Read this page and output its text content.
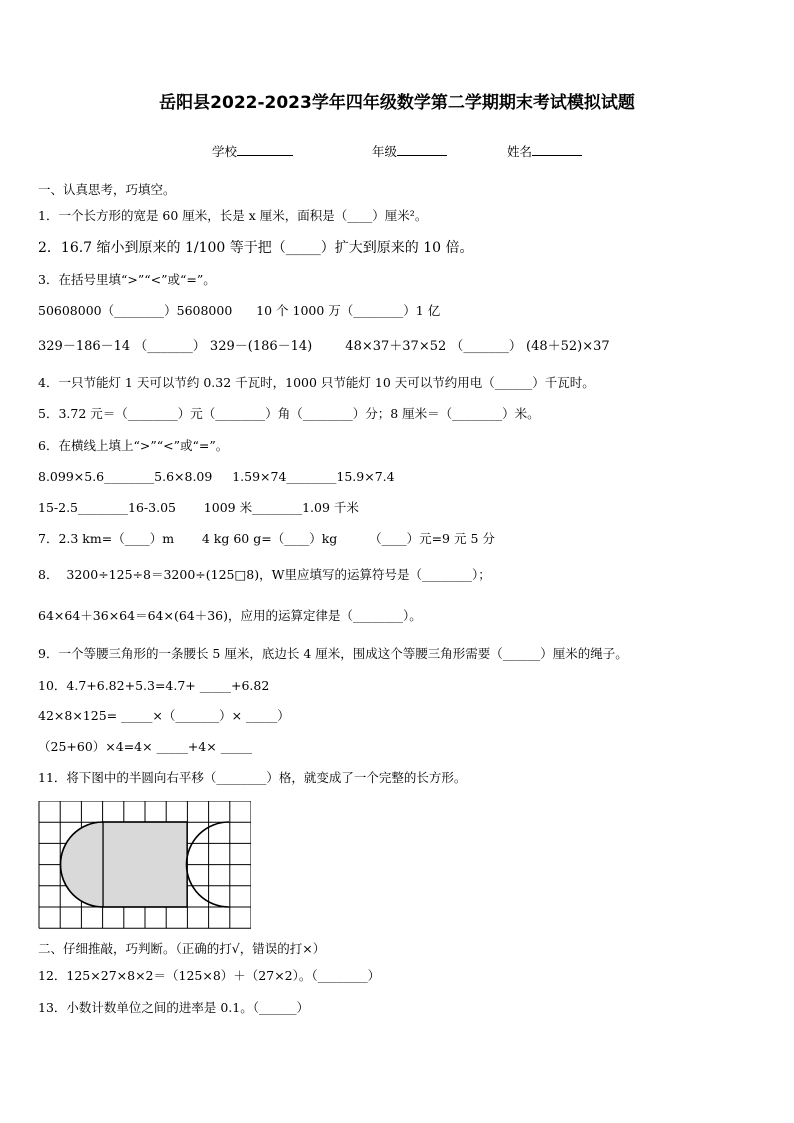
岳阳县2022-2023学年四年级数学第二学期期末考试模拟试题
学校	年级	姓名
一、认真思考，巧填空。
1．一个长方形的宽是 60 厘米，长是 x 厘米，面积是（____）厘米²。
2．16.7 缩小到原来的 1/100 等于把（_____）扩大到原来的 10 倍。
3．在括号里填“>”“<”或“=”。
50608000（________）5608000      10 个 1000 万（________）1 亿
329－186－14 （_______） 329－(186－14)        48×37＋37×52 （_______） (48＋52)×37
4．一只节能灯 1 天可以节约 0.32 千瓦时，1000 只节能灯 10 天可以节约用电（______）千瓦时。
5．3.72 元＝（________）元（________）角（________）分；8 厘米＝（________）米。
6．在横线上填上“>”“<”或“=”。
8.099×5.6________5.6×8.09     1.59×74________15.9×7.4
15-2.5________16-3.05       1009 米________1.09 千米
7．2.3 km=（____）m       4 kg 60 g=（____）kg        （____）元=9 元 5 分
8．  3200÷125÷8＝3200÷(125□8)，W里应填写的运算符号是（________）；
64×64＋36×64＝64×(64＋36)，应用的运算定律是（________）。
9．一个等腰三角形的一条腰长 5 厘米，底边长 4 厘米，围成这个等腰三角形需要（______）厘米的绳子。
10．4.7+6.82+5.3=4.7+ _____+6.82
42×8×125= _____×（_______）× _____）
（25+60）×4=4× _____+4× _____
11．将下图中的半圆向右平移（________）格，就变成了一个完整的长方形。
二、仔细推敲，巧判断。（正确的打√，错误的打×）
12．125×27×8×2＝（125×8）＋（27×2）。（________）
13．小数计数单位之间的进率是 0.1。（______）
